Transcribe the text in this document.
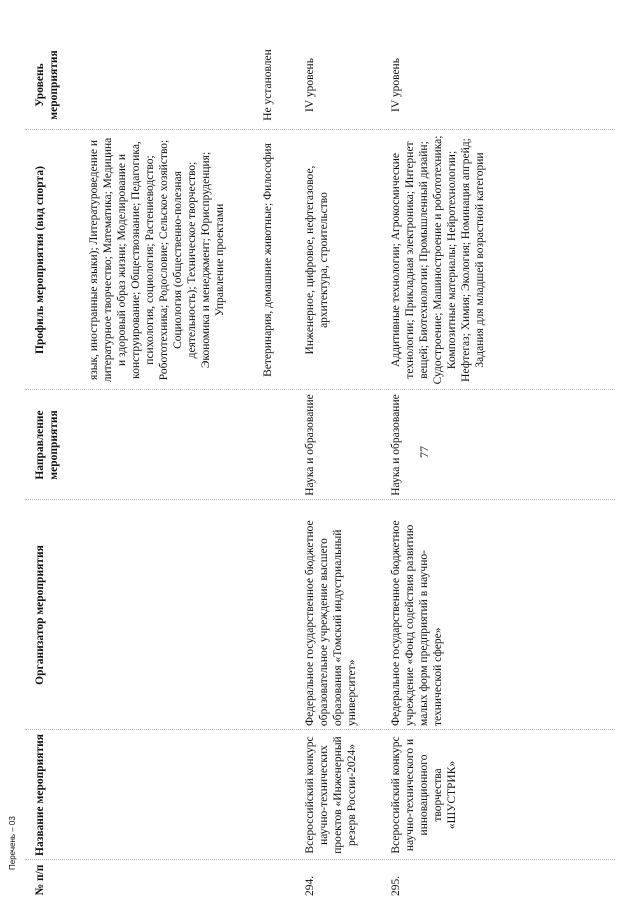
77
№ п/п
Название мероприятия
Организатор мероприятия
Направление мероприятия
Профиль мероприятия (вид спорта)
Уровень мероприятия
язык, иностранные языки); Литературоведение и литературное творчество; Математика; Медицина и здоровый образ жизни; Моделирование и конструирование; Обществознание; Педагогика, психология, социология; Растениеводство; Робототехника; Родословие; Сельское хозяйство; Социология (общественно-полезная деятельность); Техническое творчество; Экономика и менеджмент; Юриспруденция; Управление проектами	Ветеринария, домашние животные; Философия
Не установлен
294.
Всероссийский конкурс научно-технических проектов «Инженерный резерв России-2024»
Федеральное государственное бюджетное образовательное учреждение высшего образования «Томский индустриальный университет»
Наука и образование
Инженерное, цифровое, нефтегазовое, архитектура, строительство
IV уровень
295.
Всероссийский конкурс научно-технического и инновационного творчества «ШУСТРИК»
Федеральное государственное бюджетное учреждение «Фонд содействия развитию малых форм предприятий в научно-технической сфере»
Наука и образование
Аддитивные технологии; Агрокосмические технологии; Прикладная электроника; Интернет вещей; Биотехнологии; Промышленный дизайн; Судостроение; Машиностроение и робототехника; Композитные материалы; Нейротехнологии; Нефтегаз; Химия; Экология; Номинация апгрейд; Задания для младшей возрастной категории
IV уровень
Перечень – 03
